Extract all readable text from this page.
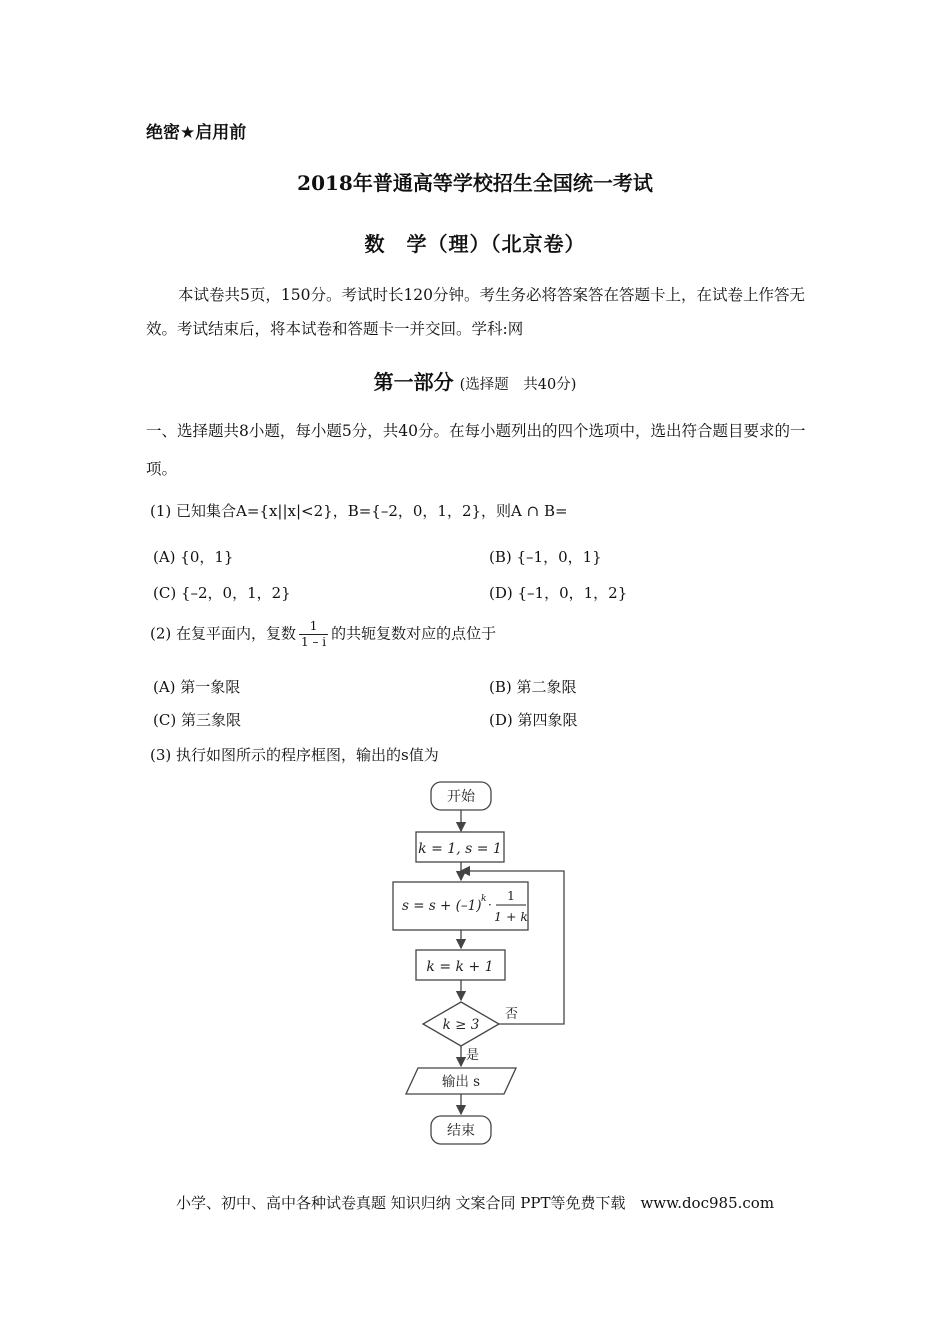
绝密★启用前
2018年普通高等学校招生全国统一考试
数　学（理）（北京卷）
本试卷共5页，150分。考试时长120分钟。考生务必将答案答在答题卡上，在试卷上作答无效。考试结束后，将本试卷和答题卡一并交回。学科:网
第一部分 (选择题　共40分)
一、选择题共8小题，每小题5分，共40分。在每小题列出的四个选项中，选出符合题目要求的一项。
(1) 已知集合A={x||x|<2}，B={–2，0，1，2}，则A ∩ B=
(A) {0，1}	(B) {–1，0，1}
(C) {–2，0，1，2}	(D) {–1，0，1，2}
(2) 在复平面内，复数 $\frac{1}{1 - i}$ 的共轭复数对应的点位于
(A) 第一象限	(B) 第二象限
(C) 第三象限	(D) 第四象限
(3) 执行如图所示的程序框图，输出的s值为
开始
k = 1, s = 1
s = s + (–1) k ·
1
1 + k
k = k + 1
k ≥ 3
否
是
输出 s
结束
小学、初中、高中各种试卷真题 知识归纳 文案合同 PPT等免费下载　www.doc985.com
